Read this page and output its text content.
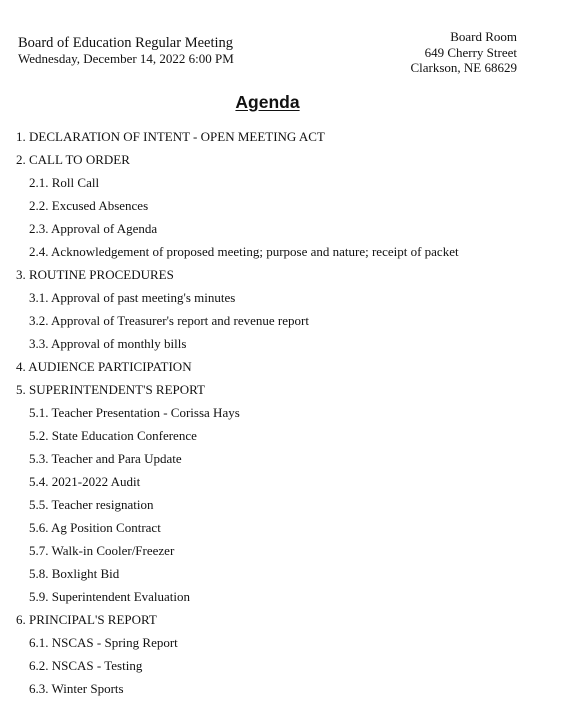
Board of Education Regular Meeting
Wednesday, December 14, 2022 6:00 PM
Board Room
649 Cherry Street
Clarkson, NE 68629
Agenda
1. DECLARATION OF INTENT - OPEN MEETING ACT
2. CALL TO ORDER
2.1. Roll Call
2.2. Excused Absences
2.3. Approval of Agenda
2.4. Acknowledgement of proposed meeting; purpose and nature; receipt of packet
3. ROUTINE PROCEDURES
3.1. Approval of past meeting's minutes
3.2. Approval of Treasurer's report and revenue report
3.3. Approval of monthly bills
4. AUDIENCE PARTICIPATION
5. SUPERINTENDENT'S REPORT
5.1. Teacher Presentation - Corissa Hays
5.2. State Education Conference
5.3. Teacher and Para Update
5.4. 2021-2022 Audit
5.5. Teacher resignation
5.6. Ag Position Contract
5.7. Walk-in Cooler/Freezer
5.8. Boxlight Bid
5.9. Superintendent Evaluation
6. PRINCIPAL'S REPORT
6.1. NSCAS - Spring Report
6.2. NSCAS - Testing
6.3. Winter Sports
